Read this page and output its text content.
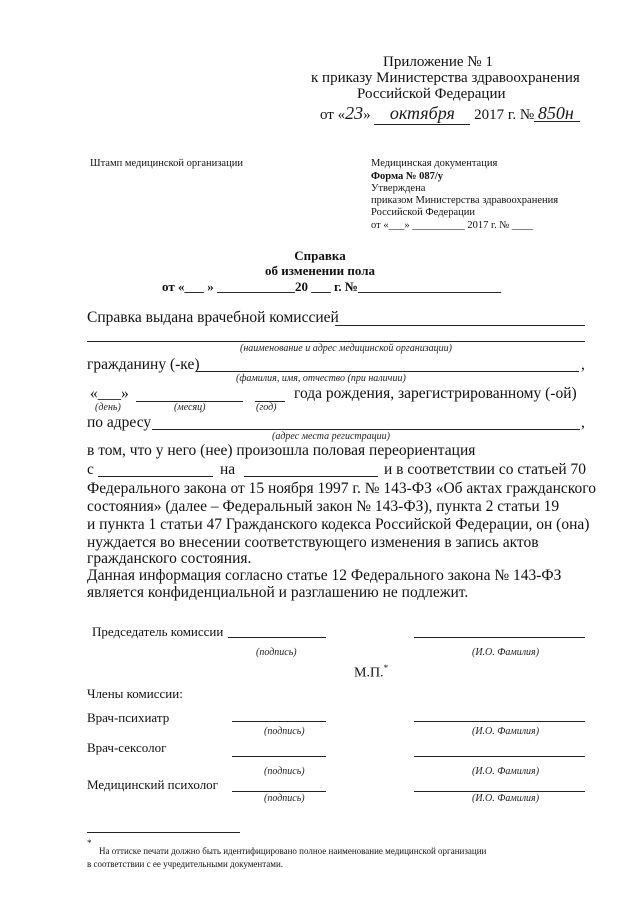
Приложение № 1
к приказу Министерства здравоохранения
Российской Федерации
от «23» октября 2017 г. № 850н
Штамп медицинской организации	Медицинская документация
Форма № 087/у
Утверждена
приказом Министерства здравоохранения
Российской Федерации
от «___» __________ 2017 г. № ____
Справка
об изменении пола
от «___ » ____________20 ___ г. №______________________
Справка выдана врачебной комиссией
(наименование и адрес медицинской организации)
гражданину (-ке)	,
(фамилия, имя, отчество (при наличии)
«___»	года рождения, зарегистрированному (-ой)
(день)	(месяц)	(год)
по адресу	,
(адрес места регистрации)
в том, что у него (нее) произошла половая переориентация
с	на	и в соответствии со статьей 70
Федерального закона от 15 ноября 1997 г. № 143-ФЗ «Об актах гражданского
состояния» (далее – Федеральный закон № 143-ФЗ), пункта 2 статьи 19
и пункта 1 статьи 47 Гражданского кодекса Российской Федерации, он (она)
нуждается во внесении соответствующего изменения в запись актов
гражданского состояния.
Данная информация согласно статье 12 Федерального закона № 143-ФЗ
является конфиденциальной и разглашению не подлежит.
Председатель комиссии
(подпись)	(И.О. Фамилия)
М.П.*
Члены комиссии:
Врач-психиатр
(подпись)	(И.О. Фамилия)
Врач-сексолог
(подпись)	(И.О. Фамилия)
Медицинский психолог
(подпись)	(И.О. Фамилия)
*
На оттиске печати должно быть идентифицировано полное наименование медицинской организации
в соответствии с ее учредительными документами.
